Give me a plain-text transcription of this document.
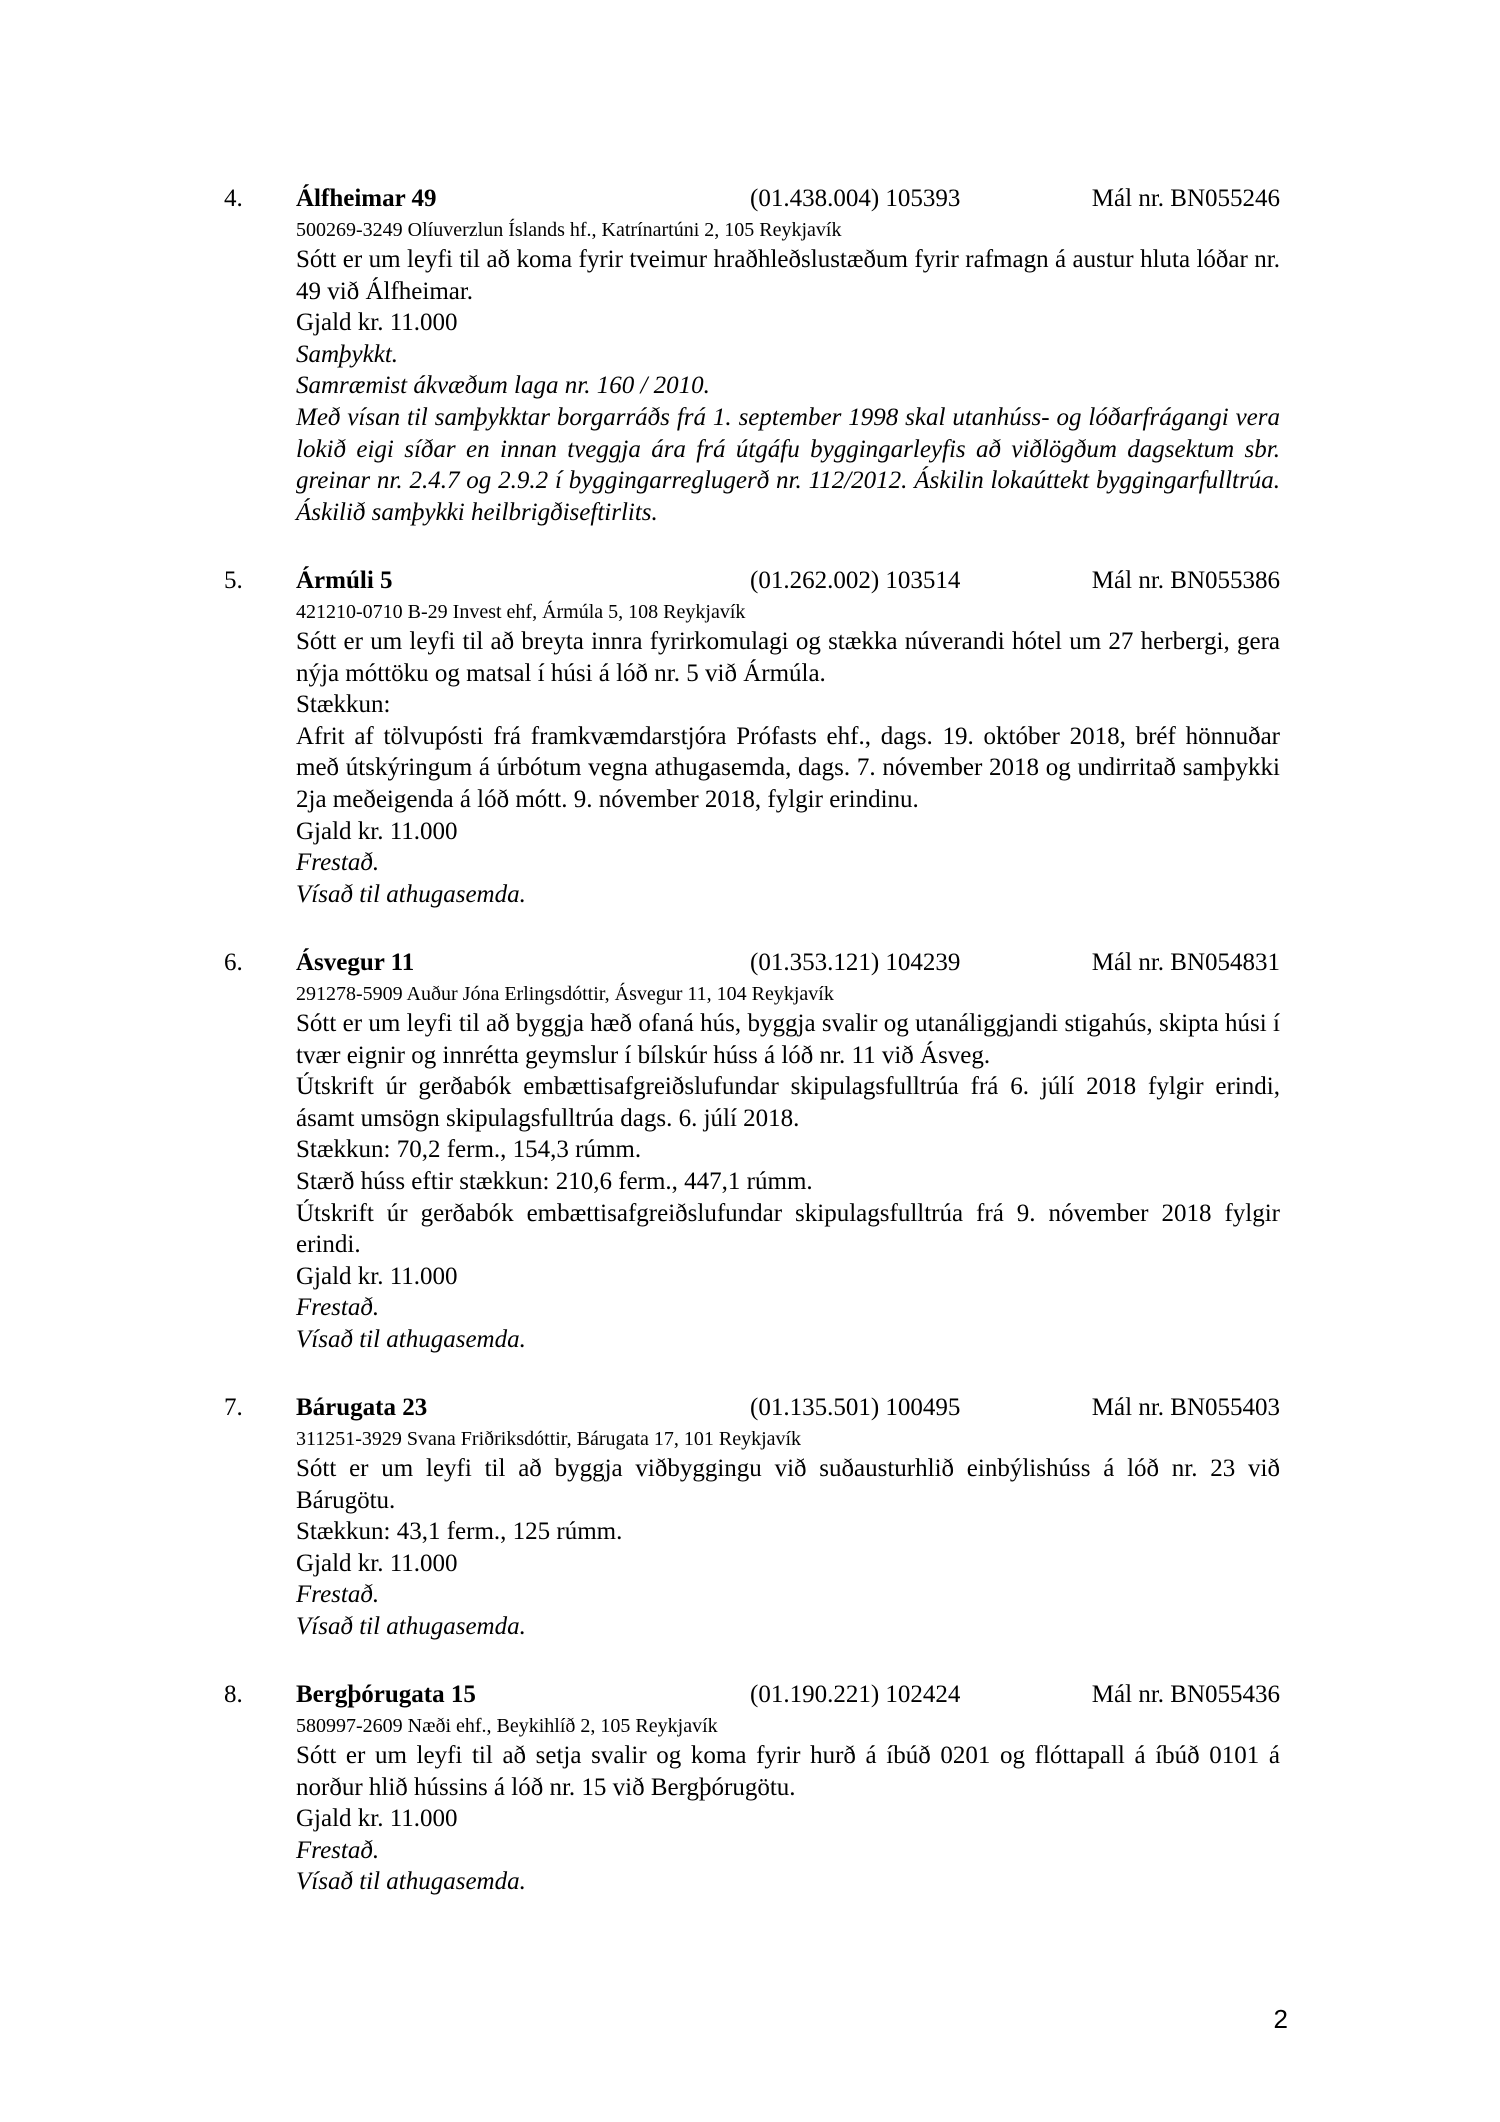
4. Álfheimar 49	(01.438.004) 105393	Mál nr. BN055246
500269-3249 Olíuverzlun Íslands hf., Katrínartúni 2, 105 Reykjavík

Sótt er um leyfi til að koma fyrir tveimur hraðhleðslustæðum fyrir rafmagn á austur hluta lóðar nr. 49 við Álfheimar.

Gjald kr. 11.000

Samþykkt.

Samræmist ákvæðum laga nr. 160 / 2010.

Með vísan til samþykktar borgarráðs frá 1. september 1998 skal utanhúss- og lóðarfrágangi vera lokið eigi síðar en innan tveggja ára frá útgáfu byggingarleyfis að viðlögðum dagsektum sbr. greinar nr. 2.4.7 og 2.9.2 í byggingarreglugerð nr. 112/2012. Áskilin lokaúttekt byggingarfulltrúa. Áskilið samþykki heilbrigðiseftirlits.

5. Ármúli 5	(01.262.002) 103514	Mál nr. BN055386
421210-0710 B-29 Invest ehf, Ármúla 5, 108 Reykjavík

Sótt er um leyfi til að breyta innra fyrirkomulagi og stækka núverandi hótel um 27 herbergi, gera nýja móttöku og matsal í húsi á lóð nr. 5 við Ármúla.

Stækkun:

Afrit af tölvupósti frá framkvæmdarstjóra Prófasts ehf., dags. 19. október 2018, bréf hönnuðar með útskýringum á úrbótum vegna athugasemda, dags. 7. nóvember 2018 og undirritað samþykki 2ja meðeigenda á lóð mótt. 9. nóvember 2018, fylgir erindinu.

Gjald kr. 11.000

Frestað.

Vísað til athugasemda.

6. Ásvegur 11	(01.353.121) 104239	Mál nr. BN054831
291278-5909 Auður Jóna Erlingsdóttir, Ásvegur 11, 104 Reykjavík

Sótt er um leyfi til að byggja hæð ofaná hús, byggja svalir og utanáliggjandi stigahús, skipta húsi í tvær eignir og innrétta geymslur í bílskúr húss á lóð nr. 11 við Ásveg.

Útskrift úr gerðabók embættisafgreiðslufundar skipulagsfulltrúa frá 6. júlí 2018 fylgir erindi, ásamt umsögn skipulagsfulltrúa dags. 6. júlí 2018.

Stækkun: 70,2 ferm., 154,3 rúmm.

Stærð húss eftir stækkun: 210,6 ferm., 447,1 rúmm.

Útskrift úr gerðabók embættisafgreiðslufundar skipulagsfulltrúa frá 9. nóvember 2018 fylgir erindi.

Gjald kr. 11.000

Frestað.

Vísað til athugasemda.

7. Bárugata 23	(01.135.501) 100495	Mál nr. BN055403
311251-3929 Svana Friðriksdóttir, Bárugata 17, 101 Reykjavík

Sótt er um leyfi til að byggja viðbyggingu við suðausturhlið einbýlishúss á lóð nr. 23 við Bárugötu.

Stækkun: 43,1 ferm., 125 rúmm.

Gjald kr. 11.000

Frestað.

Vísað til athugasemda.

8. Bergþórugata 15	(01.190.221) 102424	Mál nr. BN055436
580997-2609 Næði ehf., Beykihlíð 2, 105 Reykjavík

Sótt er um leyfi til að setja svalir og koma fyrir hurð á íbúð 0201 og flóttapall á íbúð 0101 á norður hlið hússins á lóð nr. 15 við Bergþórugötu.

Gjald kr. 11.000

Frestað.

Vísað til athugasemda.

2
